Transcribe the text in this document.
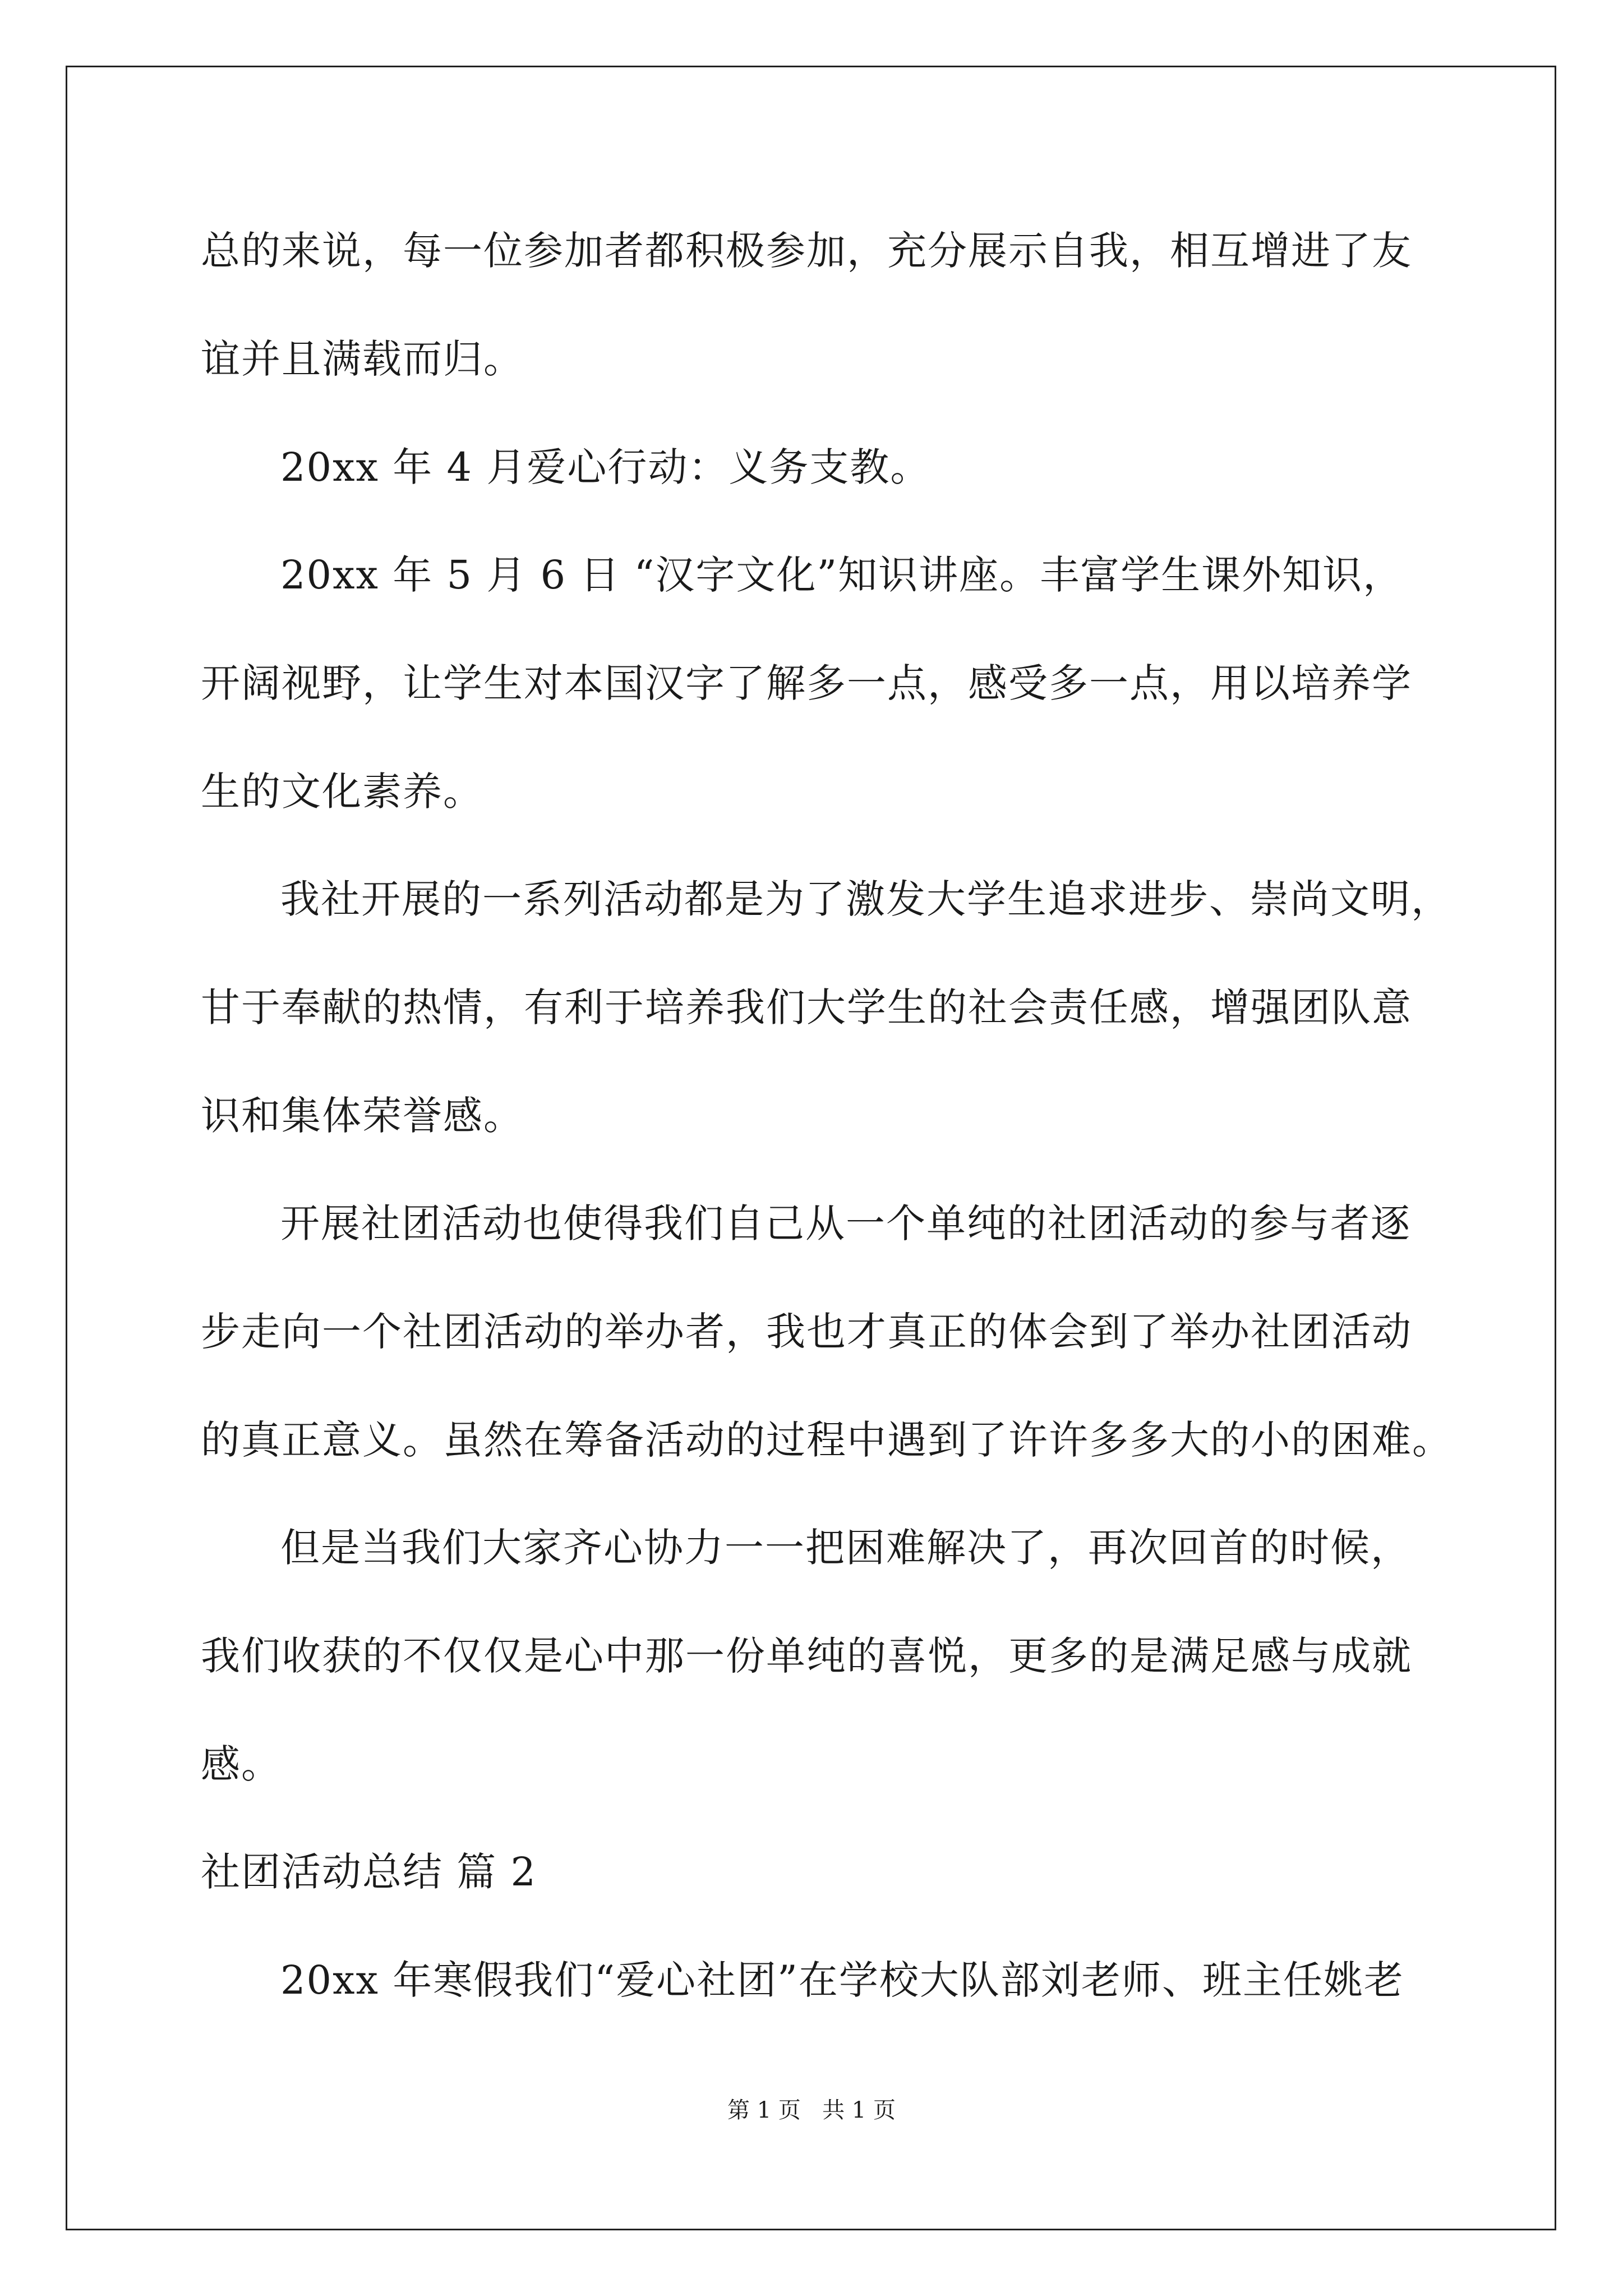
总的来说，每一位参加者都积极参加，充分展示自我，相互增进了友
谊并且满载而归。
20xx 年 4 月爱心行动：义务支教。
20xx 年 5 月 6 日 “汉字文化”知识讲座。丰富学生课外知识，
开阔视野，让学生对本国汉字了解多一点，感受多一点，用以培养学
生的文化素养。
我社开展的一系列活动都是为了激发大学生追求进步、崇尚文明，
甘于奉献的热情，有利于培养我们大学生的社会责任感，增强团队意
识和集体荣誉感。
开展社团活动也使得我们自己从一个单纯的社团活动的参与者逐
步走向一个社团活动的举办者，我也才真正的体会到了举办社团活动
的真正意义。虽然在筹备活动的过程中遇到了许许多多大的小的困难。
但是当我们大家齐心协力一一把困难解决了，再次回首的时候，
我们收获的不仅仅是心中那一份单纯的喜悦，更多的是满足感与成就
感。
社团活动总结 篇 2
20xx 年寒假我们“爱心社团”在学校大队部刘老师、班主任姚老
第 1 页   共 1 页
